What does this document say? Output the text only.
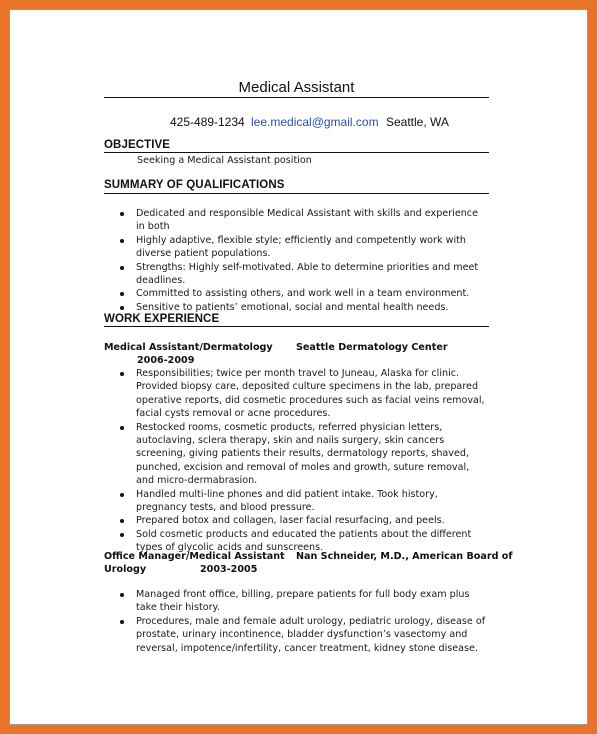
Medical Assistant
425-489-1234 lee.medical@gmail.com Seattle, WA
OBJECTIVE
Seeking a Medical Assistant position
SUMMARY OF QUALIFICATIONS
Dedicated and responsible Medical Assistant with skills and experience in both
Highly adaptive, flexible style; efficiently and competently work with diverse patient populations.
Strengths: Highly self-motivated. Able to determine priorities and meet deadlines.
Committed to assisting others, and work well in a team environment.
Sensitive to patients’ emotional, social and mental health needs.
WORK EXPERIENCE
Medical Assistant/Dermatology Seattle Dermatology Center
2006-2009
Responsibilities; twice per month travel to Juneau, Alaska for clinic. Provided biopsy care, deposited culture specimens in the lab, prepared operative reports, did cosmetic procedures such as facial veins removal, facial cysts removal or acne procedures.
Restocked rooms, cosmetic products, referred physician letters, autoclaving, sclera therapy, skin and nails surgery, skin cancers screening, giving patients their results, dermatology reports, shaved, punched, excision and removal of moles and growth, suture removal, and micro-dermabrasion.
Handled multi-line phones and did patient intake. Took history, pregnancy tests, and blood pressure.
Prepared botox and collagen, laser facial resurfacing, and peels.
Sold cosmetic products and educated the patients about the different types of glycolic acids and sunscreens.
Office Manager/Medical Assistant Nan Schneider, M.D., American Board of
Urology	2003-2005
Managed front office, billing, prepare patients for full body exam plus take their history.
Procedures, male and female adult urology, pediatric urology, disease of prostate, urinary incontinence, bladder dysfunction’s vasectomy and reversal, impotence/infertility, cancer treatment, kidney stone disease.
